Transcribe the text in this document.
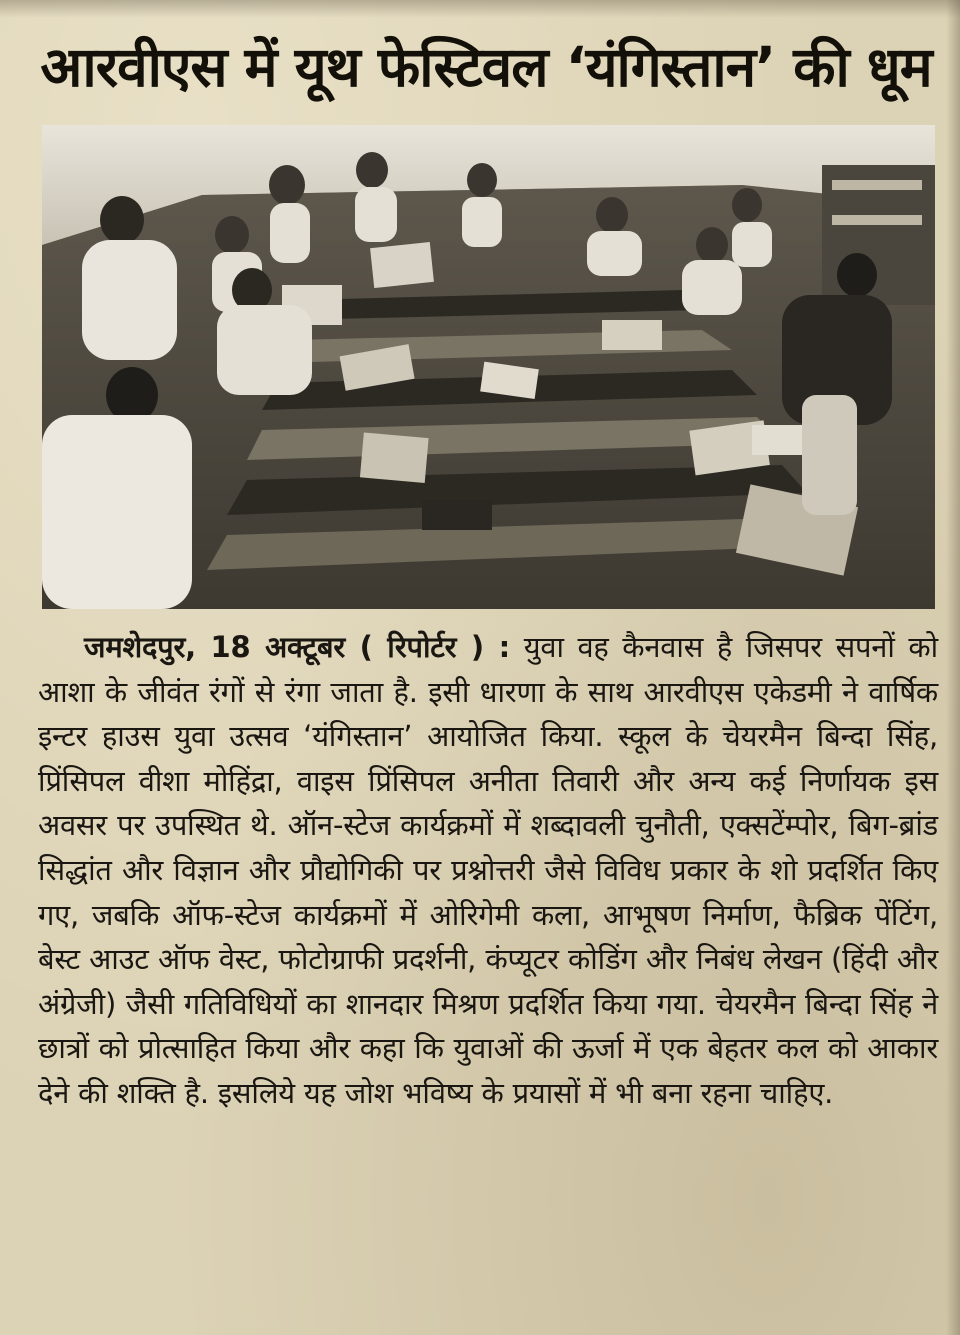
आरवीएस में यूथ फेस्टिवल ‘यंगिस्तान’ की धूम
जमशेदपुर, 18 अक्टूबर ( रिपोर्टर ) : युवा वह कैनवास है जिसपर सपनों को आशा के जीवंत रंगों से रंगा जाता है. इसी धारणा के साथ आरवीएस एकेडमी ने वार्षिक इन्टर हाउस युवा उत्सव ‘यंगिस्तान’ आयोजित किया. स्कूल के चेयरमैन बिन्दा सिंह, प्रिंसिपल वीशा मोहिंद्रा, वाइस प्रिंसिपल अनीता तिवारी और अन्य कई निर्णायक इस अवसर पर उपस्थित थे. ऑन-स्टेज कार्यक्रमों में शब्दावली चुनौती, एक्सटेंम्पोर, बिग-ब्रांड सिद्धांत और विज्ञान और प्रौद्योगिकी पर प्रश्नोत्तरी जैसे विविध प्रकार के शो प्रदर्शित किए गए, जबकि ऑफ-स्टेज कार्यक्रमों में ओरिगेमी कला, आभूषण निर्माण, फैब्रिक पेंटिंग, बेस्ट आउट ऑफ वेस्ट, फोटोग्राफी प्रदर्शनी, कंप्यूटर कोडिंग और निबंध लेखन (हिंदी और अंग्रेजी) जैसी गतिविधियों का शानदार मिश्रण प्रदर्शित किया गया. चेयरमैन बिन्दा सिंह ने छात्रों को प्रोत्साहित किया और कहा कि युवाओं की ऊर्जा में एक बेहतर कल को आकार देने की शक्ति है. इसलिये यह जोश भविष्य के प्रयासों में भी बना रहना चाहिए.
